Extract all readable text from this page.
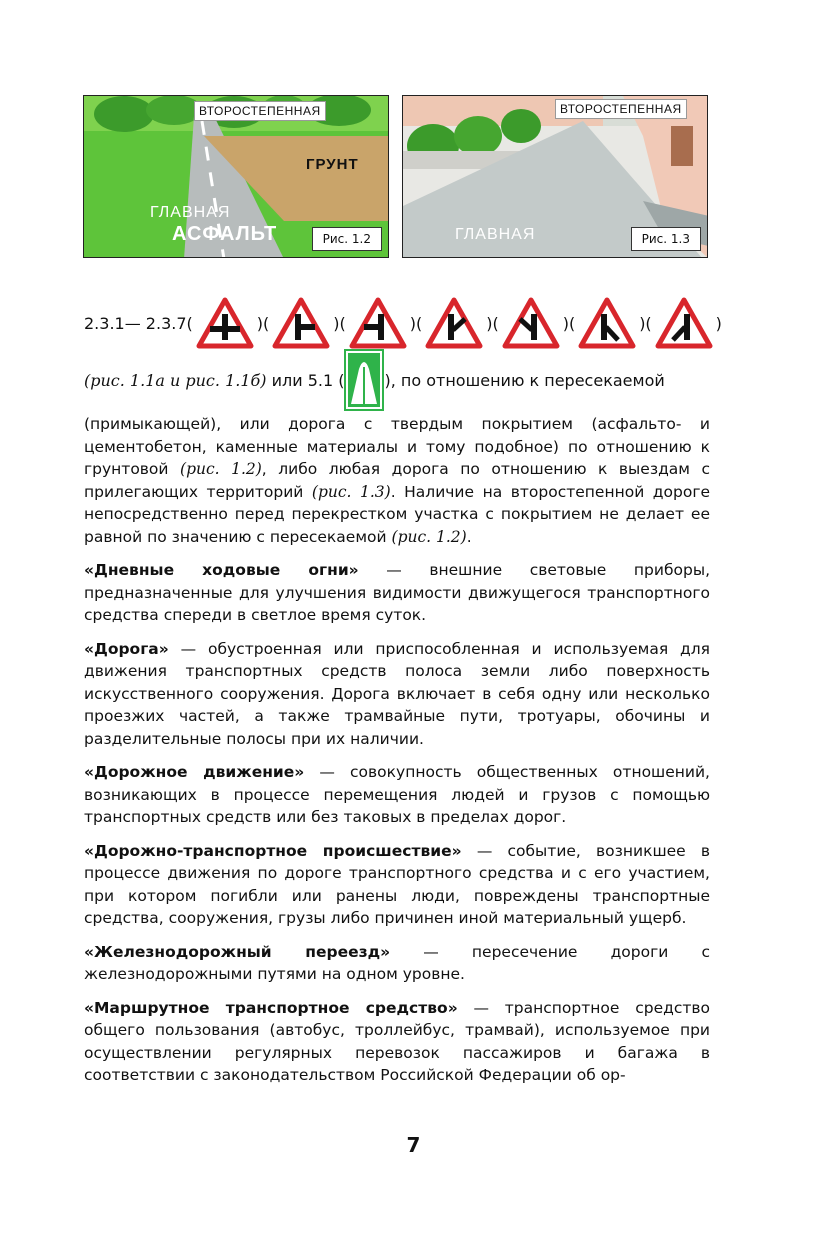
ВТОРОСТЕПЕННАЯ
ГРУНТ
ГЛАВНАЯ
АСФАЛЬТ	Рис. 1.2
ВТОРОСТЕПЕННАЯ
ГЛАВНАЯ	Рис. 1.3
2.3.1— 2.3.7 (	)(	)(	)(	)(	)(	)(	)
(рис. 1.1а и рис. 1.1б) или 5.1 (	), по отношению к пересекаемой

(примыкающей), или дорога с твердым покрытием (асфальто- и цементобетон, каменные материалы и тому подобное) по отношению к грунтовой (рис. 1.2), либо любая дорога по отношению к выездам с прилегающих территорий (рис. 1.3). Наличие на второстепенной дороге непосредственно перед перекрестком участка с покрытием не делает ее равной по значению с пересекаемой (рис. 1.2).

«Дневные ходовые огни» — внешние световые приборы, предназначенные для улучшения видимости движущегося транспортного средства спереди в светлое время суток.

«Дорога» — обустроенная или приспособленная и используемая для движения транспортных средств полоса земли либо поверхность искусственного сооружения. Дорога включает в себя одну или несколько проезжих частей, а также трамвайные пути, тротуары, обочины и разделительные полосы при их наличии.

«Дорожное движение» — совокупность общественных отношений, возникающих в процессе перемещения людей и грузов с помощью транспортных средств или без таковых в пределах дорог.

«Дорожно-транспортное происшествие» — событие, возникшее в процессе движения по дороге транспортного средства и с его участием, при котором погибли или ранены люди, повреждены транспортные средства, сооружения, грузы либо причинен иной материальный ущерб.

«Железнодорожный переезд» — пересечение дороги с железнодорожными путями на одном уровне.

«Маршрутное транспортное средство» — транспортное средство общего пользования (автобус, троллейбус, трамвай), используемое при осуществлении регулярных перевозок пассажиров и багажа в соответствии с законодательством Российской Федерации об ор-

7
